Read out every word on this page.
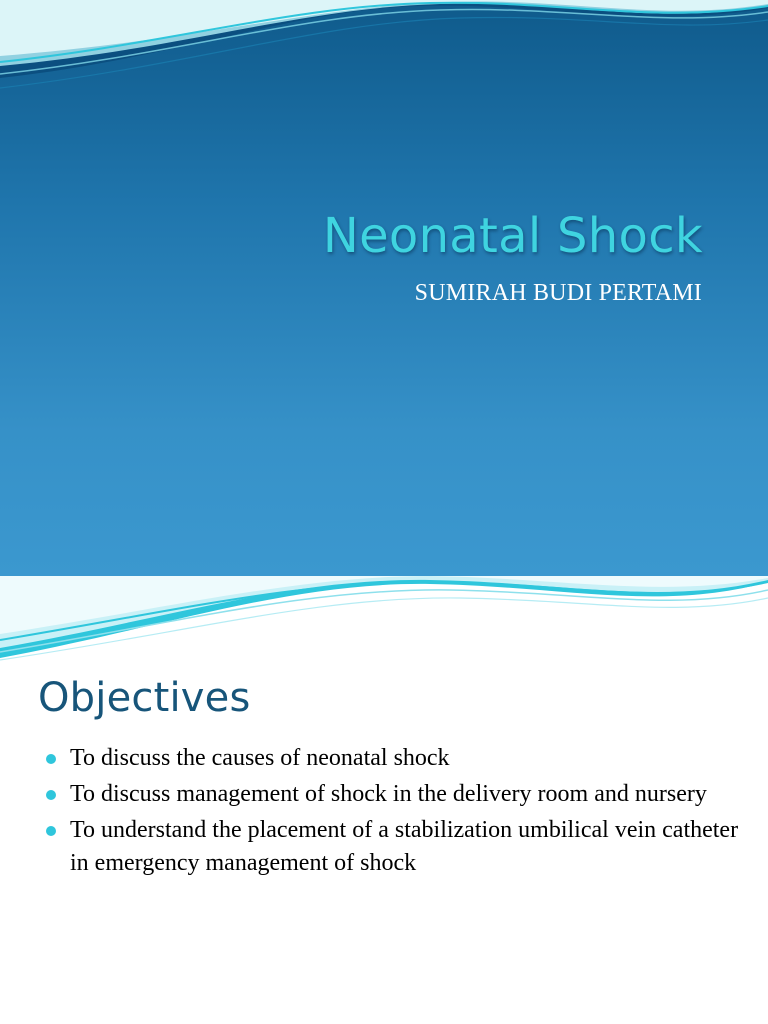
Neonatal Shock
SUMIRAH BUDI PERTAMI
Objectives
To discuss the causes of neonatal shock
To discuss management of shock in the delivery room and nursery
To understand the placement of a stabilization umbilical vein catheter in emergency management of shock
